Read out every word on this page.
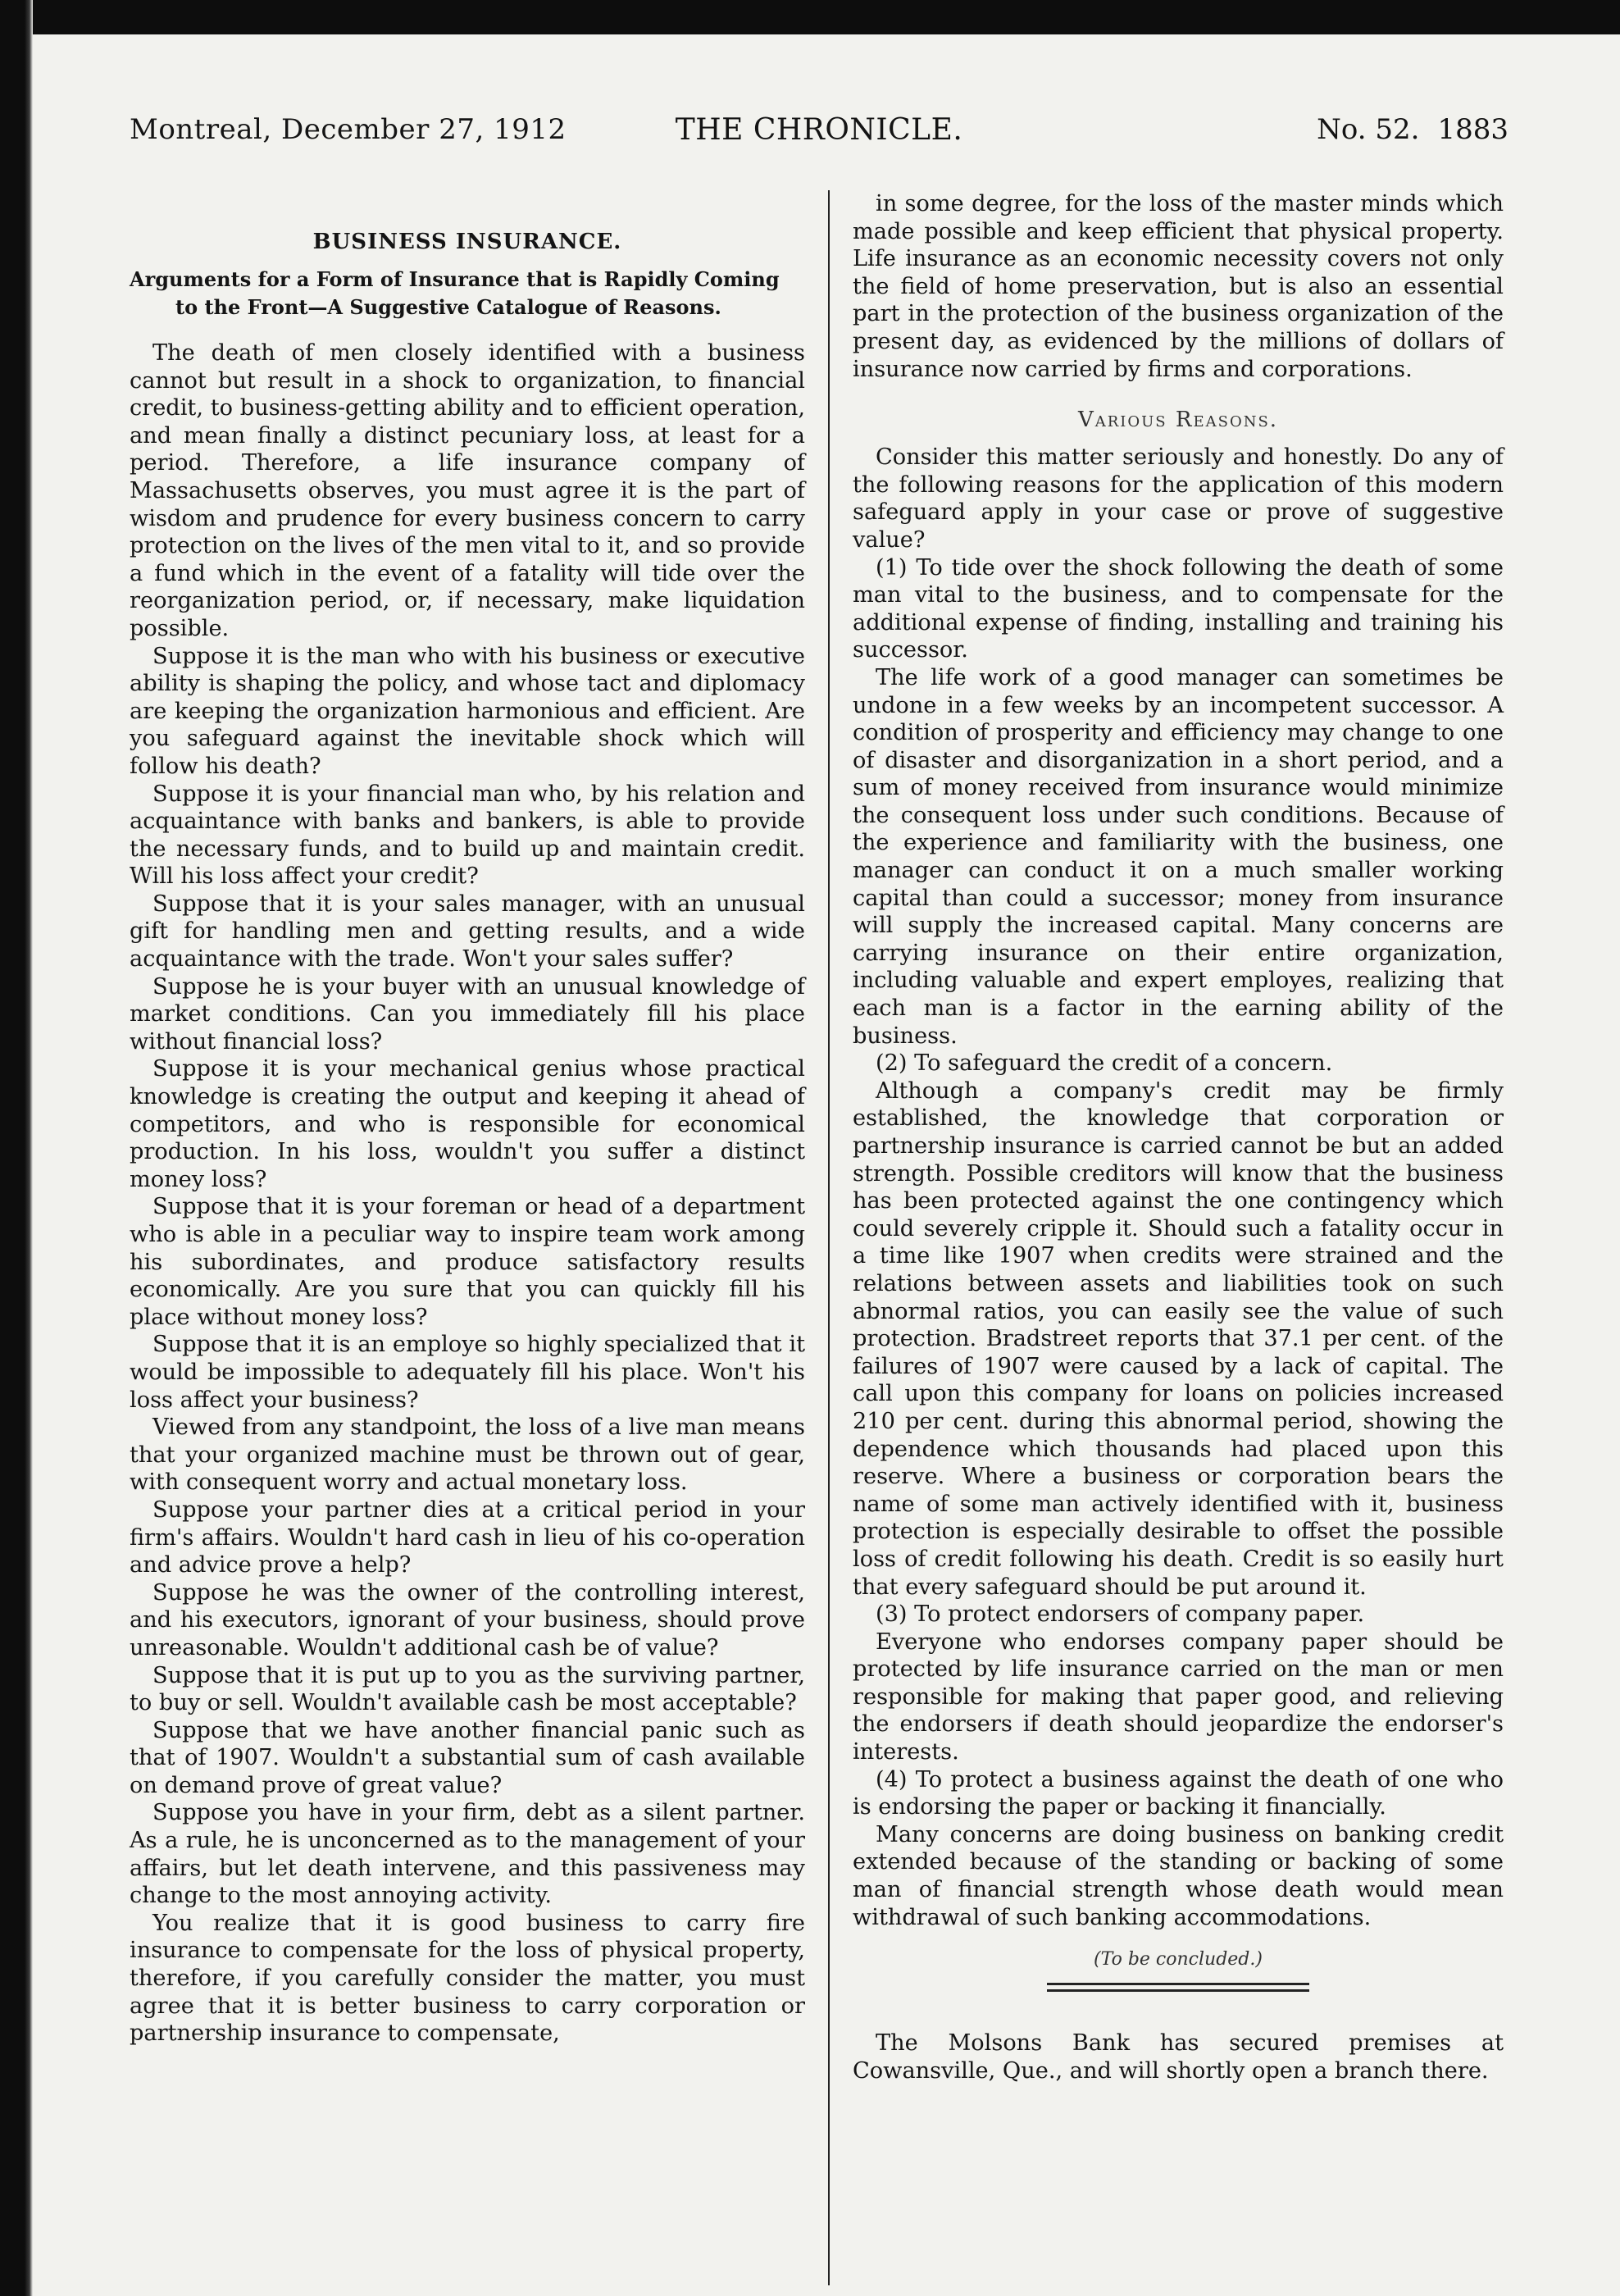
Montreal, December 27, 1912	THE CHRONICLE.	No. 52. 1883
BUSINESS INSURANCE.
Arguments for a Form of Insurance that is Rapidly Coming to the Front—A Suggestive Catalogue of Reasons.

The death of men closely identified with a business cannot but result in a shock to organization, to financial credit, to business-getting ability and to efficient operation, and mean finally a distinct pecuniary loss, at least for a period. Therefore, a life insurance company of Massachusetts observes, you must agree it is the part of wisdom and prudence for every business concern to carry protection on the lives of the men vital to it, and so provide a fund which in the event of a fatality will tide over the reorganization period, or, if necessary, make liquidation possible.

Suppose it is the man who with his business or executive ability is shaping the policy, and whose tact and diplomacy are keeping the organization harmonious and efficient. Are you safeguard against the inevitable shock which will follow his death?

Suppose it is your financial man who, by his relation and acquaintance with banks and bankers, is able to provide the necessary funds, and to build up and maintain credit. Will his loss affect your credit?

Suppose that it is your sales manager, with an unusual gift for handling men and getting results, and a wide acquaintance with the trade. Won't your sales suffer?

Suppose he is your buyer with an unusual knowledge of market conditions. Can you immediately fill his place without financial loss?

Suppose it is your mechanical genius whose practical knowledge is creating the output and keeping it ahead of competitors, and who is responsible for economical production. In his loss, wouldn't you suffer a distinct money loss?

Suppose that it is your foreman or head of a department who is able in a peculiar way to inspire team work among his subordinates, and produce satisfactory results economically. Are you sure that you can quickly fill his place without money loss?

Suppose that it is an employe so highly specialized that it would be impossible to adequately fill his place. Won't his loss affect your business?

Viewed from any standpoint, the loss of a live man means that your organized machine must be thrown out of gear, with consequent worry and actual monetary loss.

Suppose your partner dies at a critical period in your firm's affairs. Wouldn't hard cash in lieu of his co-operation and advice prove a help?

Suppose he was the owner of the controlling interest, and his executors, ignorant of your business, should prove unreasonable. Wouldn't additional cash be of value?

Suppose that it is put up to you as the surviving partner, to buy or sell. Wouldn't available cash be most acceptable?

Suppose that we have another financial panic such as that of 1907. Wouldn't a substantial sum of cash available on demand prove of great value?

Suppose you have in your firm, debt as a silent partner. As a rule, he is unconcerned as to the management of your affairs, but let death intervene, and this passiveness may change to the most annoying activity.

You realize that it is good business to carry fire insurance to compensate for the loss of physical property, therefore, if you carefully consider the matter, you must agree that it is better business to carry corporation or partnership insurance to compensate,

in some degree, for the loss of the master minds which made possible and keep efficient that physical property. Life insurance as an economic necessity covers not only the field of home preservation, but is also an essential part in the protection of the business organization of the present day, as evidenced by the millions of dollars of insurance now carried by firms and corporations.

Various Reasons.

Consider this matter seriously and honestly. Do any of the following reasons for the application of this modern safeguard apply in your case or prove of suggestive value?

(1) To tide over the shock following the death of some man vital to the business, and to compensate for the additional expense of finding, installing and training his successor.

The life work of a good manager can sometimes be undone in a few weeks by an incompetent successor. A condition of prosperity and efficiency may change to one of disaster and disorganization in a short period, and a sum of money received from insurance would minimize the consequent loss under such conditions. Because of the experience and familiarity with the business, one manager can conduct it on a much smaller working capital than could a successor; money from insurance will supply the increased capital. Many concerns are carrying insurance on their entire organization, including valuable and expert employes, realizing that each man is a factor in the earning ability of the business.

(2) To safeguard the credit of a concern.

Although a company's credit may be firmly established, the knowledge that corporation or partnership insurance is carried cannot be but an added strength. Possible creditors will know that the business has been protected against the one contingency which could severely cripple it. Should such a fatality occur in a time like 1907 when credits were strained and the relations between assets and liabilities took on such abnormal ratios, you can easily see the value of such protection. Bradstreet reports that 37.1 per cent. of the failures of 1907 were caused by a lack of capital. The call upon this company for loans on policies increased 210 per cent. during this abnormal period, showing the dependence which thousands had placed upon this reserve. Where a business or corporation bears the name of some man actively identified with it, business protection is especially desirable to offset the possible loss of credit following his death. Credit is so easily hurt that every safeguard should be put around it.

(3) To protect endorsers of company paper.

Everyone who endorses company paper should be protected by life insurance carried on the man or men responsible for making that paper good, and relieving the endorsers if death should jeopardize the endorser's interests.

(4) To protect a business against the death of one who is endorsing the paper or backing it financially.

Many concerns are doing business on banking credit extended because of the standing or backing of some man of financial strength whose death would mean withdrawal of such banking accommodations.

(To be concluded.)

The Molsons Bank has secured premises at Cowansville, Que., and will shortly open a branch there.
